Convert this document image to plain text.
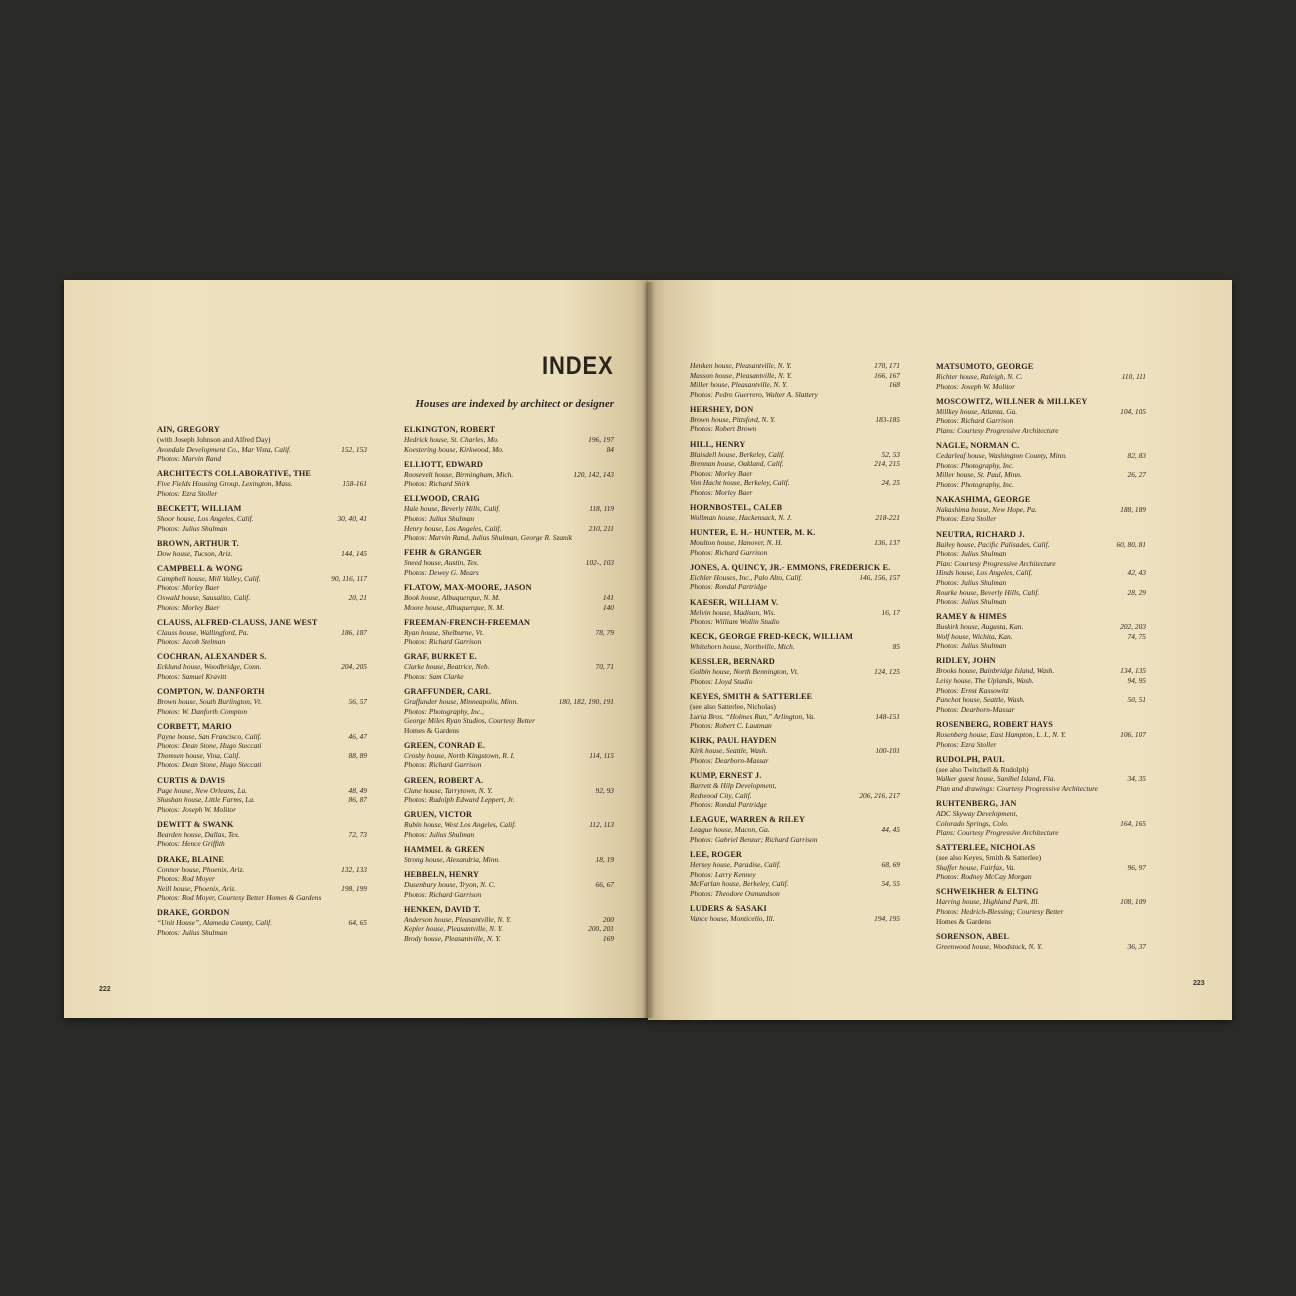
INDEX
Houses are indexed by architect or designer
AIN, GREGORY
(with Joseph Johnson and Alfred Day)
Avondale Development Co., Mar Vista, Calif.	152, 153
Photos: Marvin Rand
ARCHITECTS COLLABORATIVE, THE
Five Fields Housing Group, Lexington, Mass.	158-161
Photos: Ezra Stoller
BECKETT, WILLIAM
Shoor house, Los Angeles, Calif.	30, 40, 41
Photos: Julius Shulman
BROWN, ARTHUR T.
Dow house, Tucson, Ariz.	144, 145
CAMPBELL & WONG
Campbell house, Mill Valley, Calif.	90, 116, 117
Photos: Morley Baer
Oswald house, Sausalito, Calif.	20, 21
Photos: Morley Baer
CLAUSS, ALFRED-CLAUSS, JANE WEST
Clauss house, Wallingford, Pa.	186, 187
Photos: Jacob Stelman
COCHRAN, ALEXANDER S.
Ecklund house, Woodbridge, Conn.	204, 205
Photos: Samuel Kravitt
COMPTON, W. DANFORTH
Brown house, South Burlington, Vt.	56, 57
Photos: W. Danforth Compton
CORBETT, MARIO
Payne house, San Francisco, Calif.	46, 47
Photos: Dean Stone, Hugo Steccati
Thomsen house, Vina, Calif.	88, 89
Photos: Dean Stone, Hugo Steccati
CURTIS & DAVIS
Page house, New Orleans, La.	48, 49
Shushan house, Little Farms, La.	86, 87
Photos: Joseph W. Molitor
DEWITT & SWANK
Bearden house, Dallas, Tex.	72, 73
Photos: Hence Griffith
DRAKE, BLAINE
Connor house, Phoenix, Ariz.	132, 133
Photos: Rod Moyer
Neill house, Phoenix, Ariz.	198, 199
Photos: Rod Moyer, Courtesy Better Homes & Gardens
DRAKE, GORDON
“Unit House”, Alameda County, Calif.	64, 65
Photos: Julius Shulman
ELKINGTON, ROBERT
Hedrick house, St. Charles, Mo.	196, 197
Koestering house, Kirkwood, Mo.	84
ELLIOTT, EDWARD
Roosevelt house, Birmingham, Mich.	120, 142, 143
Photos: Richard Shirk
ELLWOOD, CRAIG
Hale house, Beverly Hills, Calif.	118, 119
Photos: Julius Shulman
Henry house, Los Angeles, Calif.	210, 211
Photos: Marvin Rand, Julius Shulman, George R. Szanik
FEHR & GRANGER
Sneed house, Austin, Tex.	102-, 103
Photos: Dewey G. Mears
FLATOW, MAX-MOORE, JASON
Book house, Albuquerque, N. M.	141
Moore house, Albuquerque, N. M.	140
FREEMAN-FRENCH-FREEMAN
Ryan house, Shelburne, Vt.	78, 79
Photos: Richard Garrison
GRAF, BURKET E.
Clarke house, Beatrice, Neb.	70, 71
Photos: Sam Clarke
GRAFFUNDER, CARL
Graffunder house, Minneapolis, Minn.	180, 182, 190, 191
Photos: Photography, Inc.,
George Miles Ryan Studios, Courtesy Better
Homes & Gardens
GREEN, CONRAD E.
Crosby house, North Kingstown, R. I.	114, 115
Photos: Richard Garrison
GREEN, ROBERT A.
Clune house, Tarrytown, N. Y.	92, 93
Photos: Rudolph Edward Leppert, Jr.
GRUEN, VICTOR
Rubin house, West Los Angeles, Calif.	112, 113
Photos: Julius Shulman
HAMMEL & GREEN
Strong house, Alexandria, Minn.	18, 19
HEBBELN, HENRY
Dusenbury house, Tryon, N. C.	66, 67
Photos: Richard Garrison
HENKEN, DAVID T.
Anderson house, Pleasantville, N. Y.	200
Kepler house, Pleasantville, N. Y.	200, 201
Brody house, Pleasantville, N. Y.	169
Henken house, Pleasantville, N. Y.	170, 171
Masson house, Pleasantville, N. Y.	166, 167
Miller house, Pleasantville, N. Y.	168
Photos: Pedro Guerrero, Walter A. Slattery
HERSHEY, DON
Brown house, Pittsford, N. Y.	183-185
Photos: Robert Brown
HILL, HENRY
Blaisdell house, Berkeley, Calif.	52, 53
Brennan house, Oakland, Calif.	214, 215
Photos: Morley Baer
Von Hacht house, Berkeley, Calif.	24, 25
Photos: Morley Baer
HORNBOSTEL, CALEB
Wollman house, Hackensack, N. J.	218-221
HUNTER, E. H.- HUNTER, M. K.
Moulton house, Hanover, N. H.	136, 137
Photos: Richard Garrison
JONES, A. QUINCY, JR.- EMMONS, FREDERICK E.
Eichler Houses, Inc., Palo Alto, Calif.	146, 156, 157
Photos: Rondal Partridge
KAESER, WILLIAM V.
Melvin house, Madison, Wis.	16, 17
Photos: William Wollin Studio
KECK, GEORGE FRED-KECK, WILLIAM
Whitehorn house, Northville, Mich.	85
KESSLER, BERNARD
Golbin house, North Bennington, Vt.	124, 125
Photos: Lloyd Studio
KEYES, SMITH & SATTERLEE
(see also Satterlee, Nicholas)
Luria Bros. “Holmes Run,” Arlington, Va.	148-151
Photos: Robert C. Lautman
KIRK, PAUL HAYDEN
Kirk house, Seattle, Wash.	100-101
Photos: Dearborn-Massar
KUMP, ERNEST J.
Barrett & Hilp Development,
Redwood City, Calif.	206, 216, 217
Photos: Rondal Partridge
LEAGUE, WARREN & RILEY
League house, Macon, Ga.	44, 45
Photos: Gabriel Benzur; Richard Garrison
LEE, ROGER
Hersey house, Paradise, Calif.	68, 69
Photos: Larry Kenney
McFarlan house, Berkeley, Calif.	54, 55
Photos: Theodore Osmundson
LUDERS & SASAKI
Vance house, Monticello, Ill.	194, 195
MATSUMOTO, GEORGE
Richter house, Raleigh, N. C.	110, 111
Photos: Joseph W. Molitor
MOSCOWITZ, WILLNER & MILLKEY
Millkey house, Atlanta, Ga.	104, 105
Photos: Richard Garrison
Plans: Courtesy Progressive Architecture
NAGLE, NORMAN C.
Cedarleaf house, Washington County, Minn.	82, 83
Photos: Photography, Inc.
Miller house, St. Paul, Minn.	26, 27
Photos: Photography, Inc.
NAKASHIMA, GEORGE
Nakashima house, New Hope, Pa.	188, 189
Photos: Ezra Stoller
NEUTRA, RICHARD J.
Bailey house, Pacific Palisades, Calif.	60, 80, 81
Photos: Julius Shulman
Plan: Courtesy Progressive Architecture
Hinds house, Los Angeles, Calif.	42, 43
Photos: Julius Shulman
Rourke house, Beverly Hills, Calif.	28, 29
Photos: Julius Shulman
RAMEY & HIMES
Buskirk house, Augusta, Kan.	202, 203
Wolf house, Wichita, Kan.	74, 75
Photos: Julius Shulman
RIDLEY, JOHN
Brooks house, Bainbridge Island, Wash.	134, 135
Leisy house, The Uplands, Wash.	94, 95
Photos: Ernst Kassowitz
Panchot house, Seattle, Wash.	50, 51
Photos: Dearborn-Massar
ROSENBERG, ROBERT HAYS
Rosenberg house, East Hampton, L. I., N. Y.	106, 107
Photos: Ezra Stoller
RUDOLPH, PAUL
(see also Twitchell & Rudolph)
Walker guest house, Sanibel Island, Fla.	34, 35
Plan and drawings: Courtesy Progressive Architecture
RUHTENBERG, JAN
ADC Skyway Development,
Colorado Springs, Colo.	164, 165
Plans: Courtesy Progressive Architecture
SATTERLEE, NICHOLAS
(see also Keyes, Smith & Satterlee)
Shaffer house, Fairfax, Va.	96, 97
Photos: Rodney McCay Morgan
SCHWEIKHER & ELTING
Harring house, Highland Park, Ill.	108, 109
Photos: Hedrich-Blessing; Courtesy Better
Homes & Gardens
SORENSON, ABEL
Greenwood house, Woodstock, N. Y.	36, 37
222
223
